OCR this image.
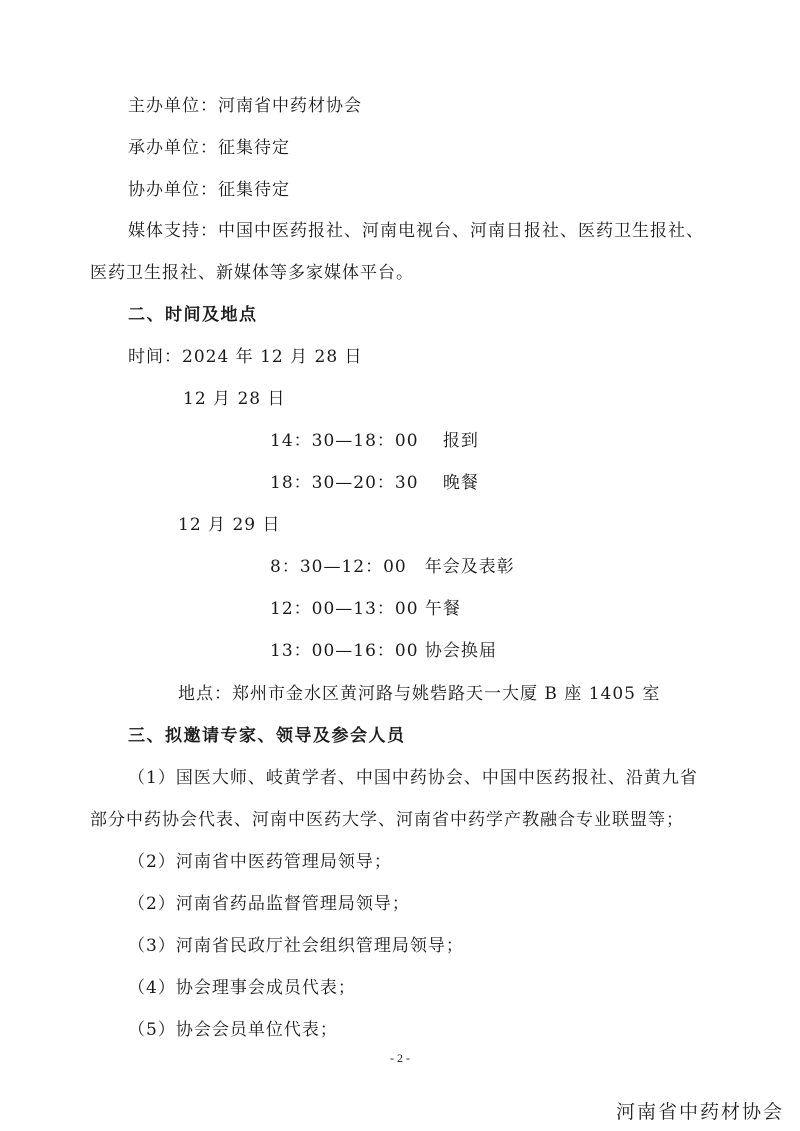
主办单位：河南省中药材协会
承办单位：征集待定
协办单位：征集待定
媒体支持：中国中医药报社、河南电视台、河南日报社、医药卫生报社、
医药卫生报社、新媒体等多家媒体平台。
二、时间及地点
时间：2024 年 12 月 28 日
12 月 28 日
14：30—18：00　 报到
18：30—20：30　 晚餐
12 月 29 日
8：30—12：00　年会及表彰
12：00—13：00 午餐
13：00—16：00 协会换届
地点：郑州市金水区黄河路与姚砦路天一大厦 B 座 1405 室
三、拟邀请专家、领导及参会人员
（1）国医大师、岐黄学者、中国中药协会、中国中医药报社、沿黄九省
部分中药协会代表、河南中医药大学、河南省中药学产教融合专业联盟等；
（2）河南省中医药管理局领导；
（2）河南省药品监督管理局领导；
（3）河南省民政厅社会组织管理局领导；
（4）协会理事会成员代表；
（5）协会会员单位代表；
- 2 -
河南省中药材协会
